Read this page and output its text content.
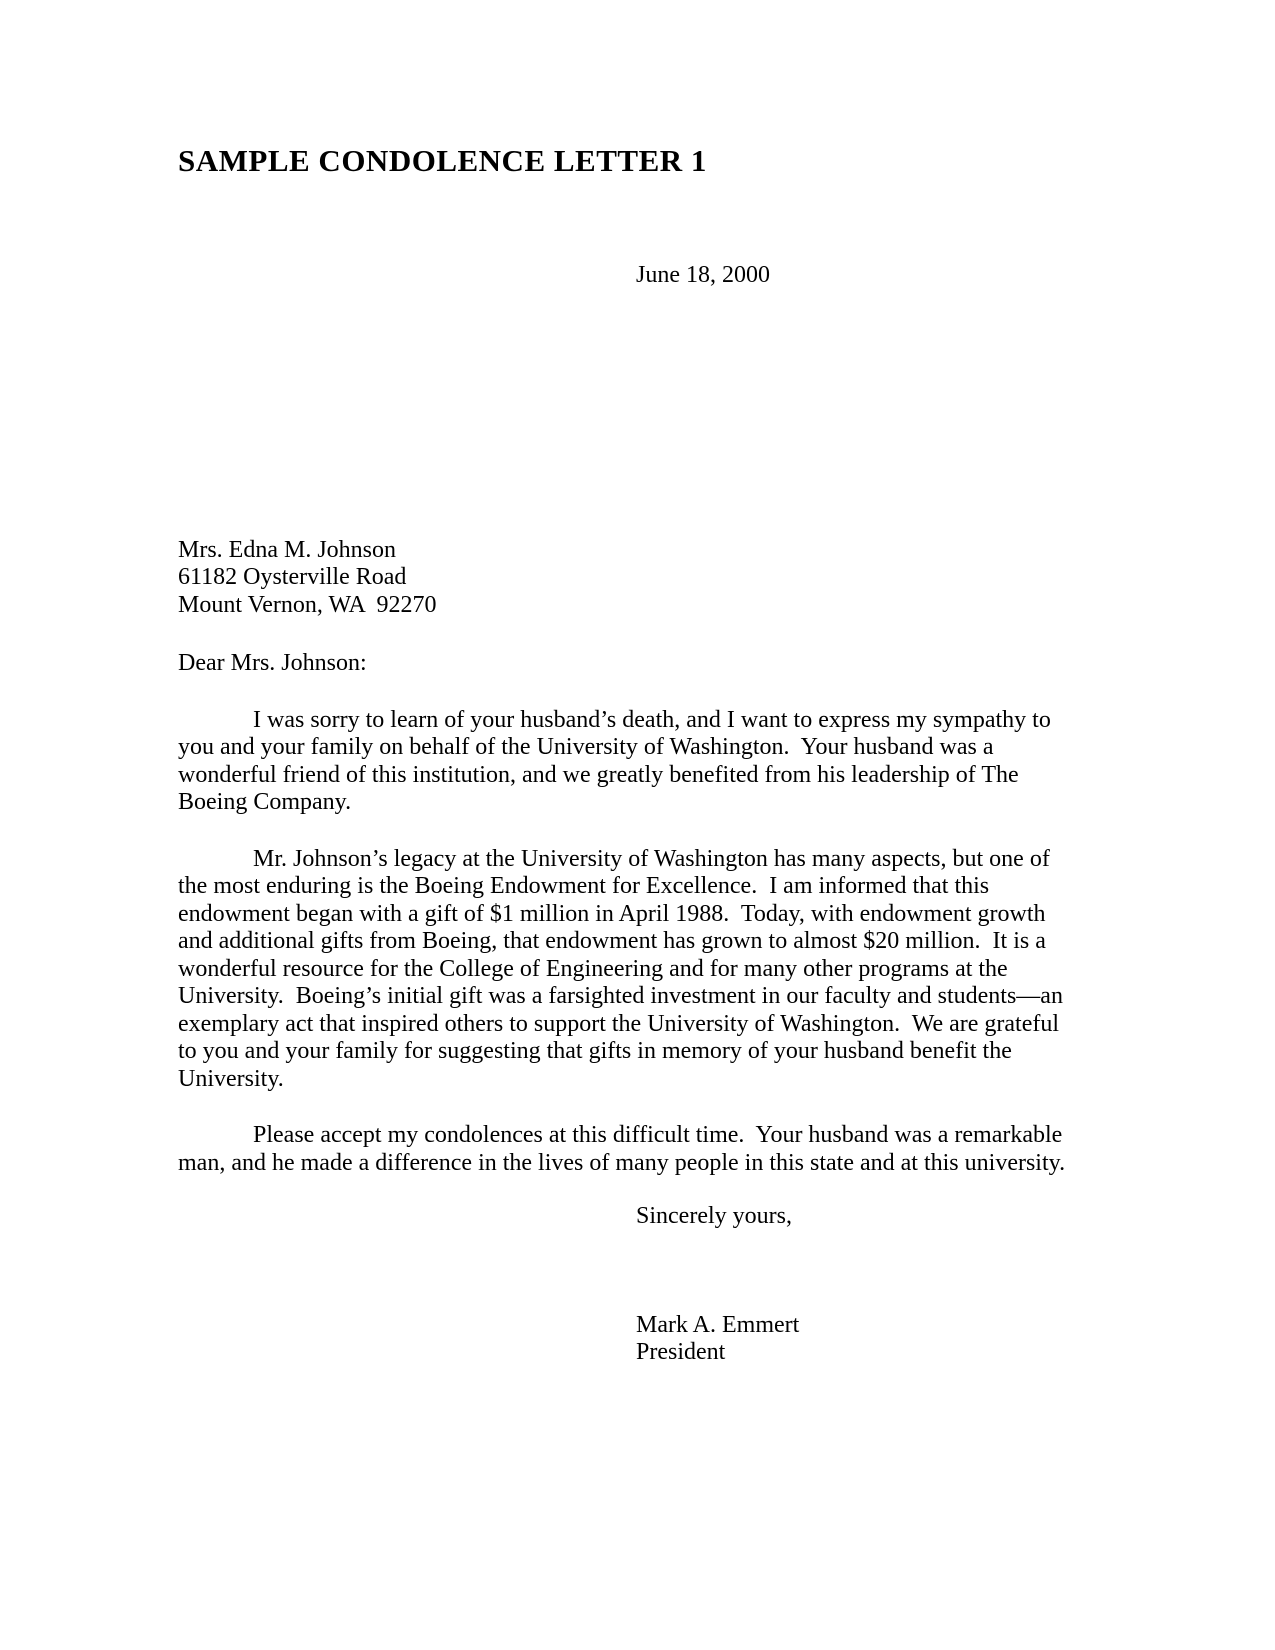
SAMPLE CONDOLENCE LETTER 1
June 18, 2000
Mrs. Edna M. Johnson
61182 Oysterville Road
Mount Vernon, WA  92270
Dear Mrs. Johnson:

I was sorry to learn of your husband’s death, and I want to express my sympathy to you and your family on behalf of the University of Washington.  Your husband was a wonderful friend of this institution, and we greatly benefited from his leadership of The Boeing Company.

Mr. Johnson’s legacy at the University of Washington has many aspects, but one of the most enduring is the Boeing Endowment for Excellence.  I am informed that this endowment began with a gift of $1 million in April 1988.  Today, with endowment growth and additional gifts from Boeing, that endowment has grown to almost $20 million.  It is a wonderful resource for the College of Engineering and for many other programs at the University.  Boeing’s initial gift was a farsighted investment in our faculty and students—an exemplary act that inspired others to support the University of Washington.  We are grateful to you and your family for suggesting that gifts in memory of your husband benefit the University.

Please accept my condolences at this difficult time.  Your husband was a remarkable man, and he made a difference in the lives of many people in this state and at this university.

Sincerely yours,
Mark A. Emmert
President
